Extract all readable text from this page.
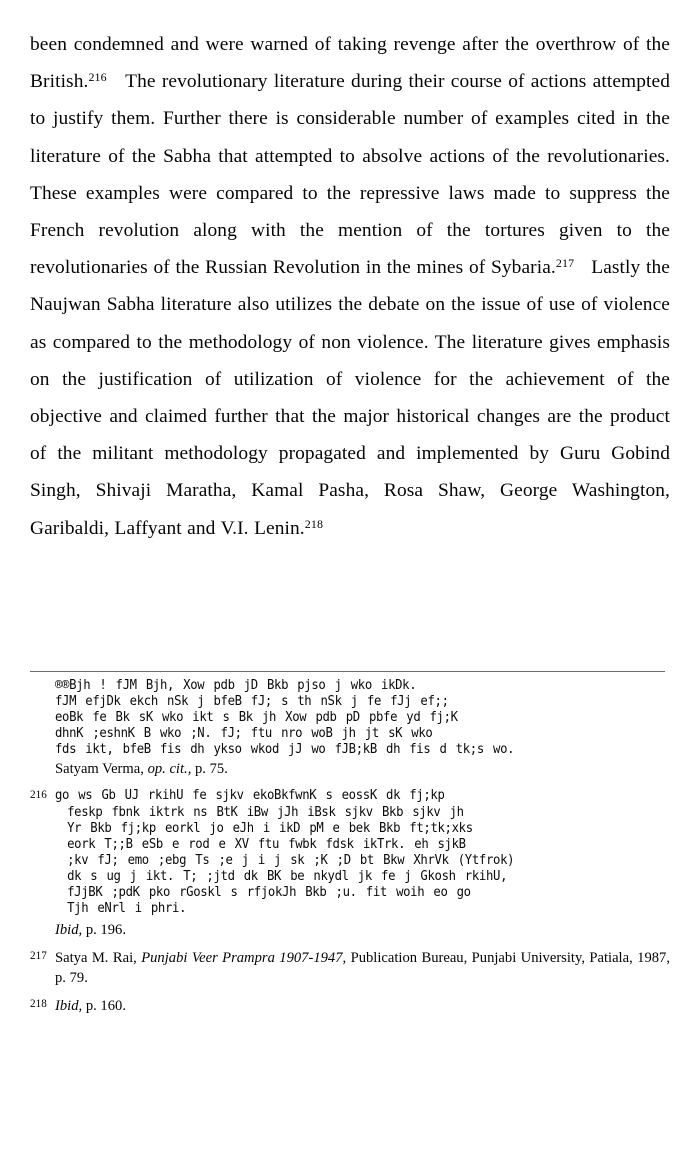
been condemned and were warned of taking revenge after the overthrow of the British.$^{216}$ The revolutionary literature during their course of actions attempted to justify them. Further there is considerable number of examples cited in the literature of the Sabha that attempted to absolve actions of the revolutionaries. These examples were compared to the repressive laws made to suppress the French revolution along with the mention of the tortures given to the revolutionaries of the Russian Revolution in the mines of Sybaria.$^{217}$ Lastly the Naujwan Sabha literature also utilizes the debate on the issue of use of violence as compared to the methodology of non violence. The literature gives emphasis on the justification of utilization of violence for the achievement of the objective and claimed further that the major historical changes are the product of the militant methodology propagated and implemented by Guru Gobind Singh, Shivaji Maratha, Kamal Pasha, Rosa Shaw, George Washington, Garibaldi, Laffyant and V.I. Lenin.$^{218}$

®®Bjh ! fJM Bjh, Xow pdb jD Bkb pjso j wko ikDk.
fJM efjDk ekch nSk j bfeB fJ; s th nSk j fe fJj ef;;
eoBk fe Bk sK wko ikt s Bk jh Xow pdb pD pbfe yd fj;K
dhnK ;eshnK B wko ;N. fJ; ftu nro woB jh jt sK wko
fds ikt, bfeB fis dh ykso wkod jJ wo fJB;kB dh fis d tk;s wo.
Satyam Verma, op. cit., p. 75.
216 go ws Gb UJ rkihU fe sjkv ekoBkfwnK s eossK dk fj;kp
feskp fbnk iktrk ns BtK iBw jJh iBsk sjkv Bkb sjkv jh
Yr Bkb fj;kp eorkl jo eJh i ikD pM e bek Bkb ft;tk;xks
eork T;;B eSb e rod e XV ftu fwbk fdsk ikTrk. eh sjkB
;kv fJ; emo ;ebg Ts ;e j i j sk ;K ;D bt Bkw XhrVk (Ytfrok)
dk s ug j ikt. T; ;jtd dk BK be nkydl jk fe j Gkosh rkihU,
fJjBK ;pdK pko rGoskl s rfjokJh Bkb ;u. fit woih eo go
Tjh eNrl i phri.
Ibid, p. 196.
217 Satya M. Rai, Punjabi Veer Prampra 1907-1947, Publication Bureau, Punjabi University, Patiala, 1987, p. 79.
218 Ibid, p. 160.
